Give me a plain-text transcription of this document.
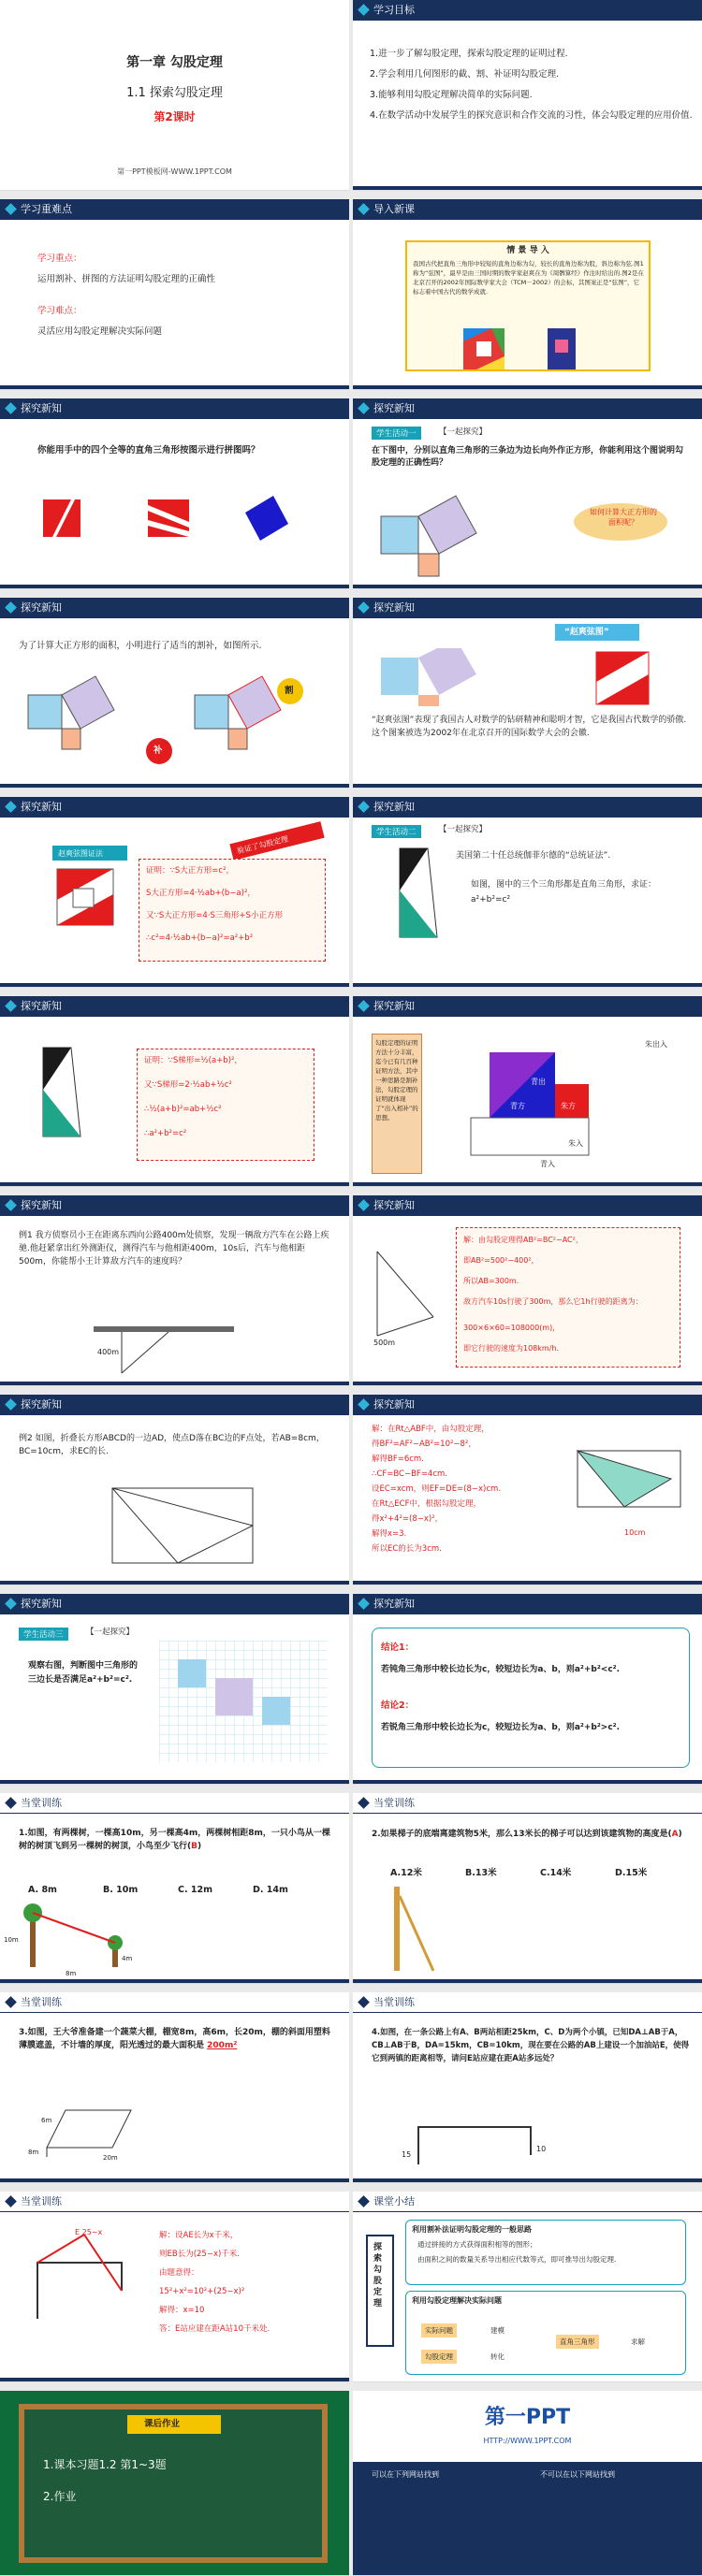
第一章 勾股定理
1.1 探索勾股定理
第2课时
第一PPT模板网-WWW.1PPT.COM
学习目标
1.进一步了解勾股定理，探索勾股定理的证明过程.
2.学会利用几何图形的截、割、补证明勾股定理.
3.能够利用勾股定理解决简单的实际问题.
4.在数学活动中发展学生的探究意识和合作交流的习性，体会勾股定理的应用价值.
学习重难点
学习重点：
运用割补、拼图的方法证明勾股定理的正确性
学习难点：
灵活应用勾股定理解决实际问题
导入新课
情 景 导 入
我国古代把直角三角形中较短的直角边称为勾，较长的直角边称为股，斜边称为弦.图1称为“弦图”，最早是由三国时期的数学家赵爽在为《周髀算经》作注时给出的.图2是在北京召开的2002年国际数学家大会（TCM－2002）的会标，其图案正是“弦图”，它标志着中国古代的数学成就.
探究新知
你能用手中的四个全等的直角三角形按图示进行拼图吗？
探究新知
学生活动一	【一起探究】
在下图中，分别以直角三角形的三条边为边长向外作正方形，你能利用这个图说明勾股定理的正确性吗？
如何计算大正方形的面积呢？
探究新知
为了计算大正方形的面积，小明进行了适当的割补，如图所示.
割
补
探究新知
“赵爽弦图”
“赵爽弦图”表现了我国古人对数学的钻研精神和聪明才智，它是我国古代数学的骄傲.这个图案被选为2002年在北京召开的国际数学大会的会徽.
探究新知
赵爽弦图证法	验证了勾股定理
证明：∵S大正方形=c²，
S大正方形=4·½ab+(b−a)²，
又∵S大正方形=4·S三角形+S小正方形
∴c²=4·½ab+(b−a)²=a²+b²
探究新知
学生活动二	【一起探究】
美国第二十任总统伽菲尔德的“总统证法”.
如图，图中的三个三角形都是直角三角形，求证：a²+b²=c²
探究新知
证明：∵S梯形=½(a+b)²，
又∵S梯形=2·½ab+½c²
∴½(a+b)²=ab+½c²
∴a²+b²=c²
探究新知
勾股定理的证明方法十分丰富，迄今已有几百种证明方法，其中一种思路是割补法，勾股定理的证明就体现了“出入相补”的思想。
青出
朱入
青方	朱方
青入
朱出入
探究新知
例1 我方侦察员小王在距离东西向公路400m处侦察，发现一辆敌方汽车在公路上疾驰.他赶紧拿出红外测距仪，测得汽车与他相距400m，10s后，汽车与他相距500m，你能帮小王计算敌方汽车的速度吗？
400m
探究新知
500m
解：由勾股定理得AB²=BC²−AC²，
即AB²=500²−400²，
所以AB=300m.
敌方汽车10s行驶了300m，那么它1h行驶的距离为：
300×6×60=108000(m)，
即它行驶的速度为108km/h.
探究新知
例2 如图，折叠长方形ABCD的一边AD，使点D落在BC边的F点处，若AB=8cm，BC=10cm，求EC的长.
探究新知
解：在Rt△ABF中，由勾股定理，
得BF²=AF²−AB²=10²−8²，
解得BF=6cm.
∴CF=BC−BF=4cm.
设EC=xcm，则EF=DE=(8−x)cm.
在Rt△ECF中，根据勾股定理，
得x²+4²=(8−x)²，
解得x=3.
所以EC的长为3cm.
10cm
探究新知
学生活动三	【一起探究】
观察右图，判断图中三角形的三边长是否满足a²+b²=c².
探究新知
结论1：
若钝角三角形中较长边长为c，较短边长为a、b，则a²+b²<c².
结论2：
若锐角三角形中较长边长为c，较短边长为a、b，则a²+b²>c².
当堂训练
1.如图，有两棵树，一棵高10m，另一棵高4m，两棵树相距8m，一只小鸟从一棵树的树顶飞到另一棵树的树顶，小鸟至少飞行(B)
A. 8m	B. 10m	C. 12m	D. 14m
10m
4m
8m
当堂训练
2.如果梯子的底端离建筑物5米，那么13米长的梯子可以达到该建筑物的高度是(A)
A.12米	B.13米	C.14米	D.15米
当堂训练
3.如图，王大爷准备建一个蔬菜大棚，棚宽8m，高6m，长20m，棚的斜面用塑料薄膜遮盖，不计墙的厚度，阳光透过的最大面积是 200m²
8m
6m
20m
当堂训练
4.如图，在一条公路上有A、B两站相距25km，C、D为两个小镇，已知DA⊥AB于A，CB⊥AB于B，DA=15km，CB=10km，现在要在公路的AB上建设一个加油站E，使得它到两镇的距离相等，请问E站应建在距A站多远处？
15
10
当堂训练
E 25−x	解：设AE长为x千米，
则EB长为(25−x)千米.
由题意得：
15²+x²=10²+(25−x)²
解得：x=10
答：E站应建在距A站10千米处.
课堂小结
探索勾股定理
利用割补法证明勾股定理的一般思路
通过拼接的方式获得面积相等的图形；
由面积之间的数量关系导出相应代数等式，即可推导出勾股定理.
利用勾股定理解决实际问题
实际问题
勾股定理
建模
转化
直角三角形	求解
课后作业
1.课本习题1.2 第1~3题
2.作业
第一PPT
HTTP://WWW.1PPT.COM
可以在下列网站找到	不可以在以下网站找到
